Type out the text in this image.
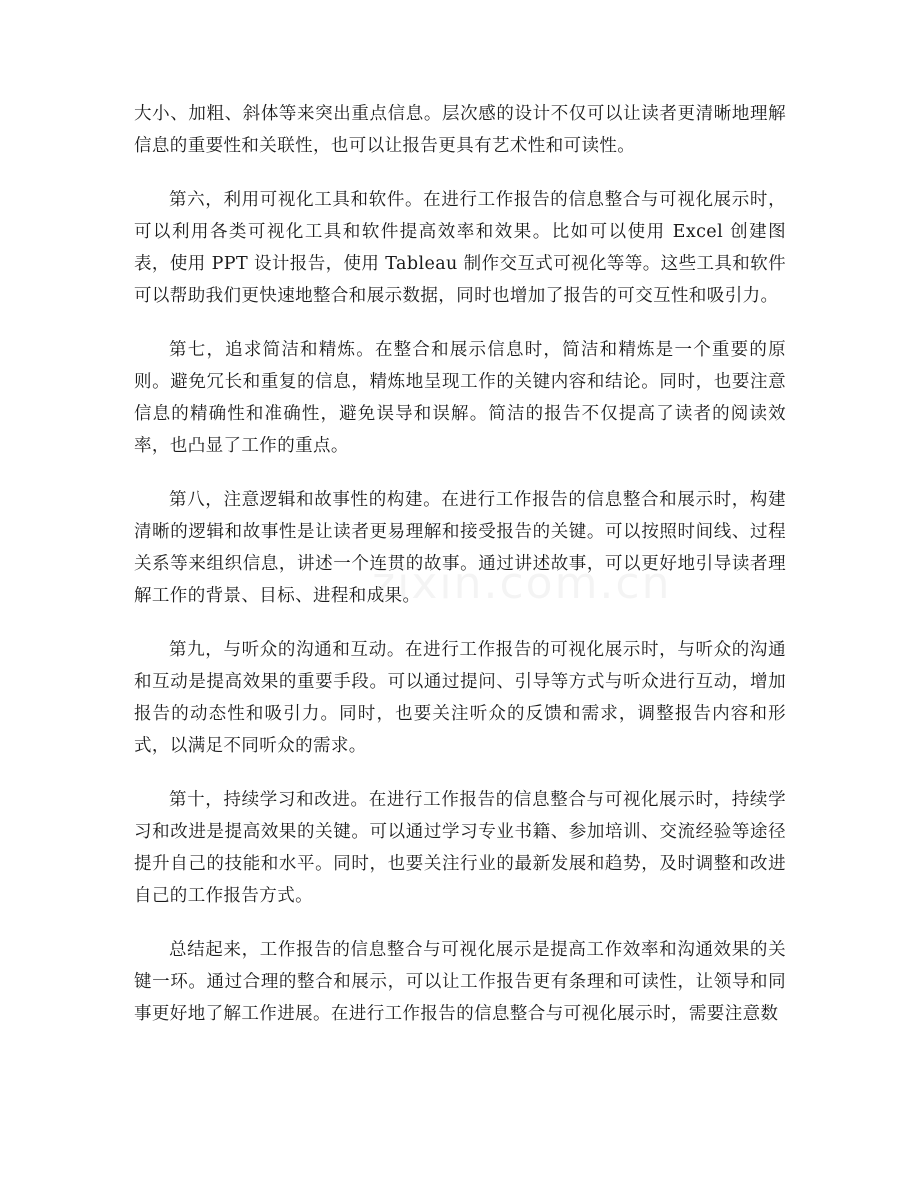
大小、加粗、斜体等来突出重点信息。层次感的设计不仅可以让读者更清晰地理解信息的重要性和关联性，也可以让报告更具有艺术性和可读性。

第六，利用可视化工具和软件。在进行工作报告的信息整合与可视化展示时，可以利用各类可视化工具和软件提高效率和效果。比如可以使用 Excel 创建图表，使用 PPT 设计报告，使用 Tableau 制作交互式可视化等等。这些工具和软件可以帮助我们更快速地整合和展示数据，同时也增加了报告的可交互性和吸引力。

第七，追求简洁和精炼。在整合和展示信息时，简洁和精炼是一个重要的原则。避免冗长和重复的信息，精炼地呈现工作的关键内容和结论。同时，也要注意信息的精确性和准确性，避免误导和误解。简洁的报告不仅提高了读者的阅读效率，也凸显了工作的重点。

第八，注意逻辑和故事性的构建。在进行工作报告的信息整合和展示时，构建清晰的逻辑和故事性是让读者更易理解和接受报告的关键。可以按照时间线、过程关系等来组织信息，讲述一个连贯的故事。通过讲述故事，可以更好地引导读者理解工作的背景、目标、进程和成果。

第九，与听众的沟通和互动。在进行工作报告的可视化展示时，与听众的沟通和互动是提高效果的重要手段。可以通过提问、引导等方式与听众进行互动，增加报告的动态性和吸引力。同时，也要关注听众的反馈和需求，调整报告内容和形式，以满足不同听众的需求。

第十，持续学习和改进。在进行工作报告的信息整合与可视化展示时，持续学习和改进是提高效果的关键。可以通过学习专业书籍、参加培训、交流经验等途径提升自己的技能和水平。同时，也要关注行业的最新发展和趋势，及时调整和改进自己的工作报告方式。

总结起来，工作报告的信息整合与可视化展示是提高工作效率和沟通效果的关键一环。通过合理的整合和展示，可以让工作报告更有条理和可读性，让领导和同事更好地了解工作进展。在进行工作报告的信息整合与可视化展示时，需要注意数
